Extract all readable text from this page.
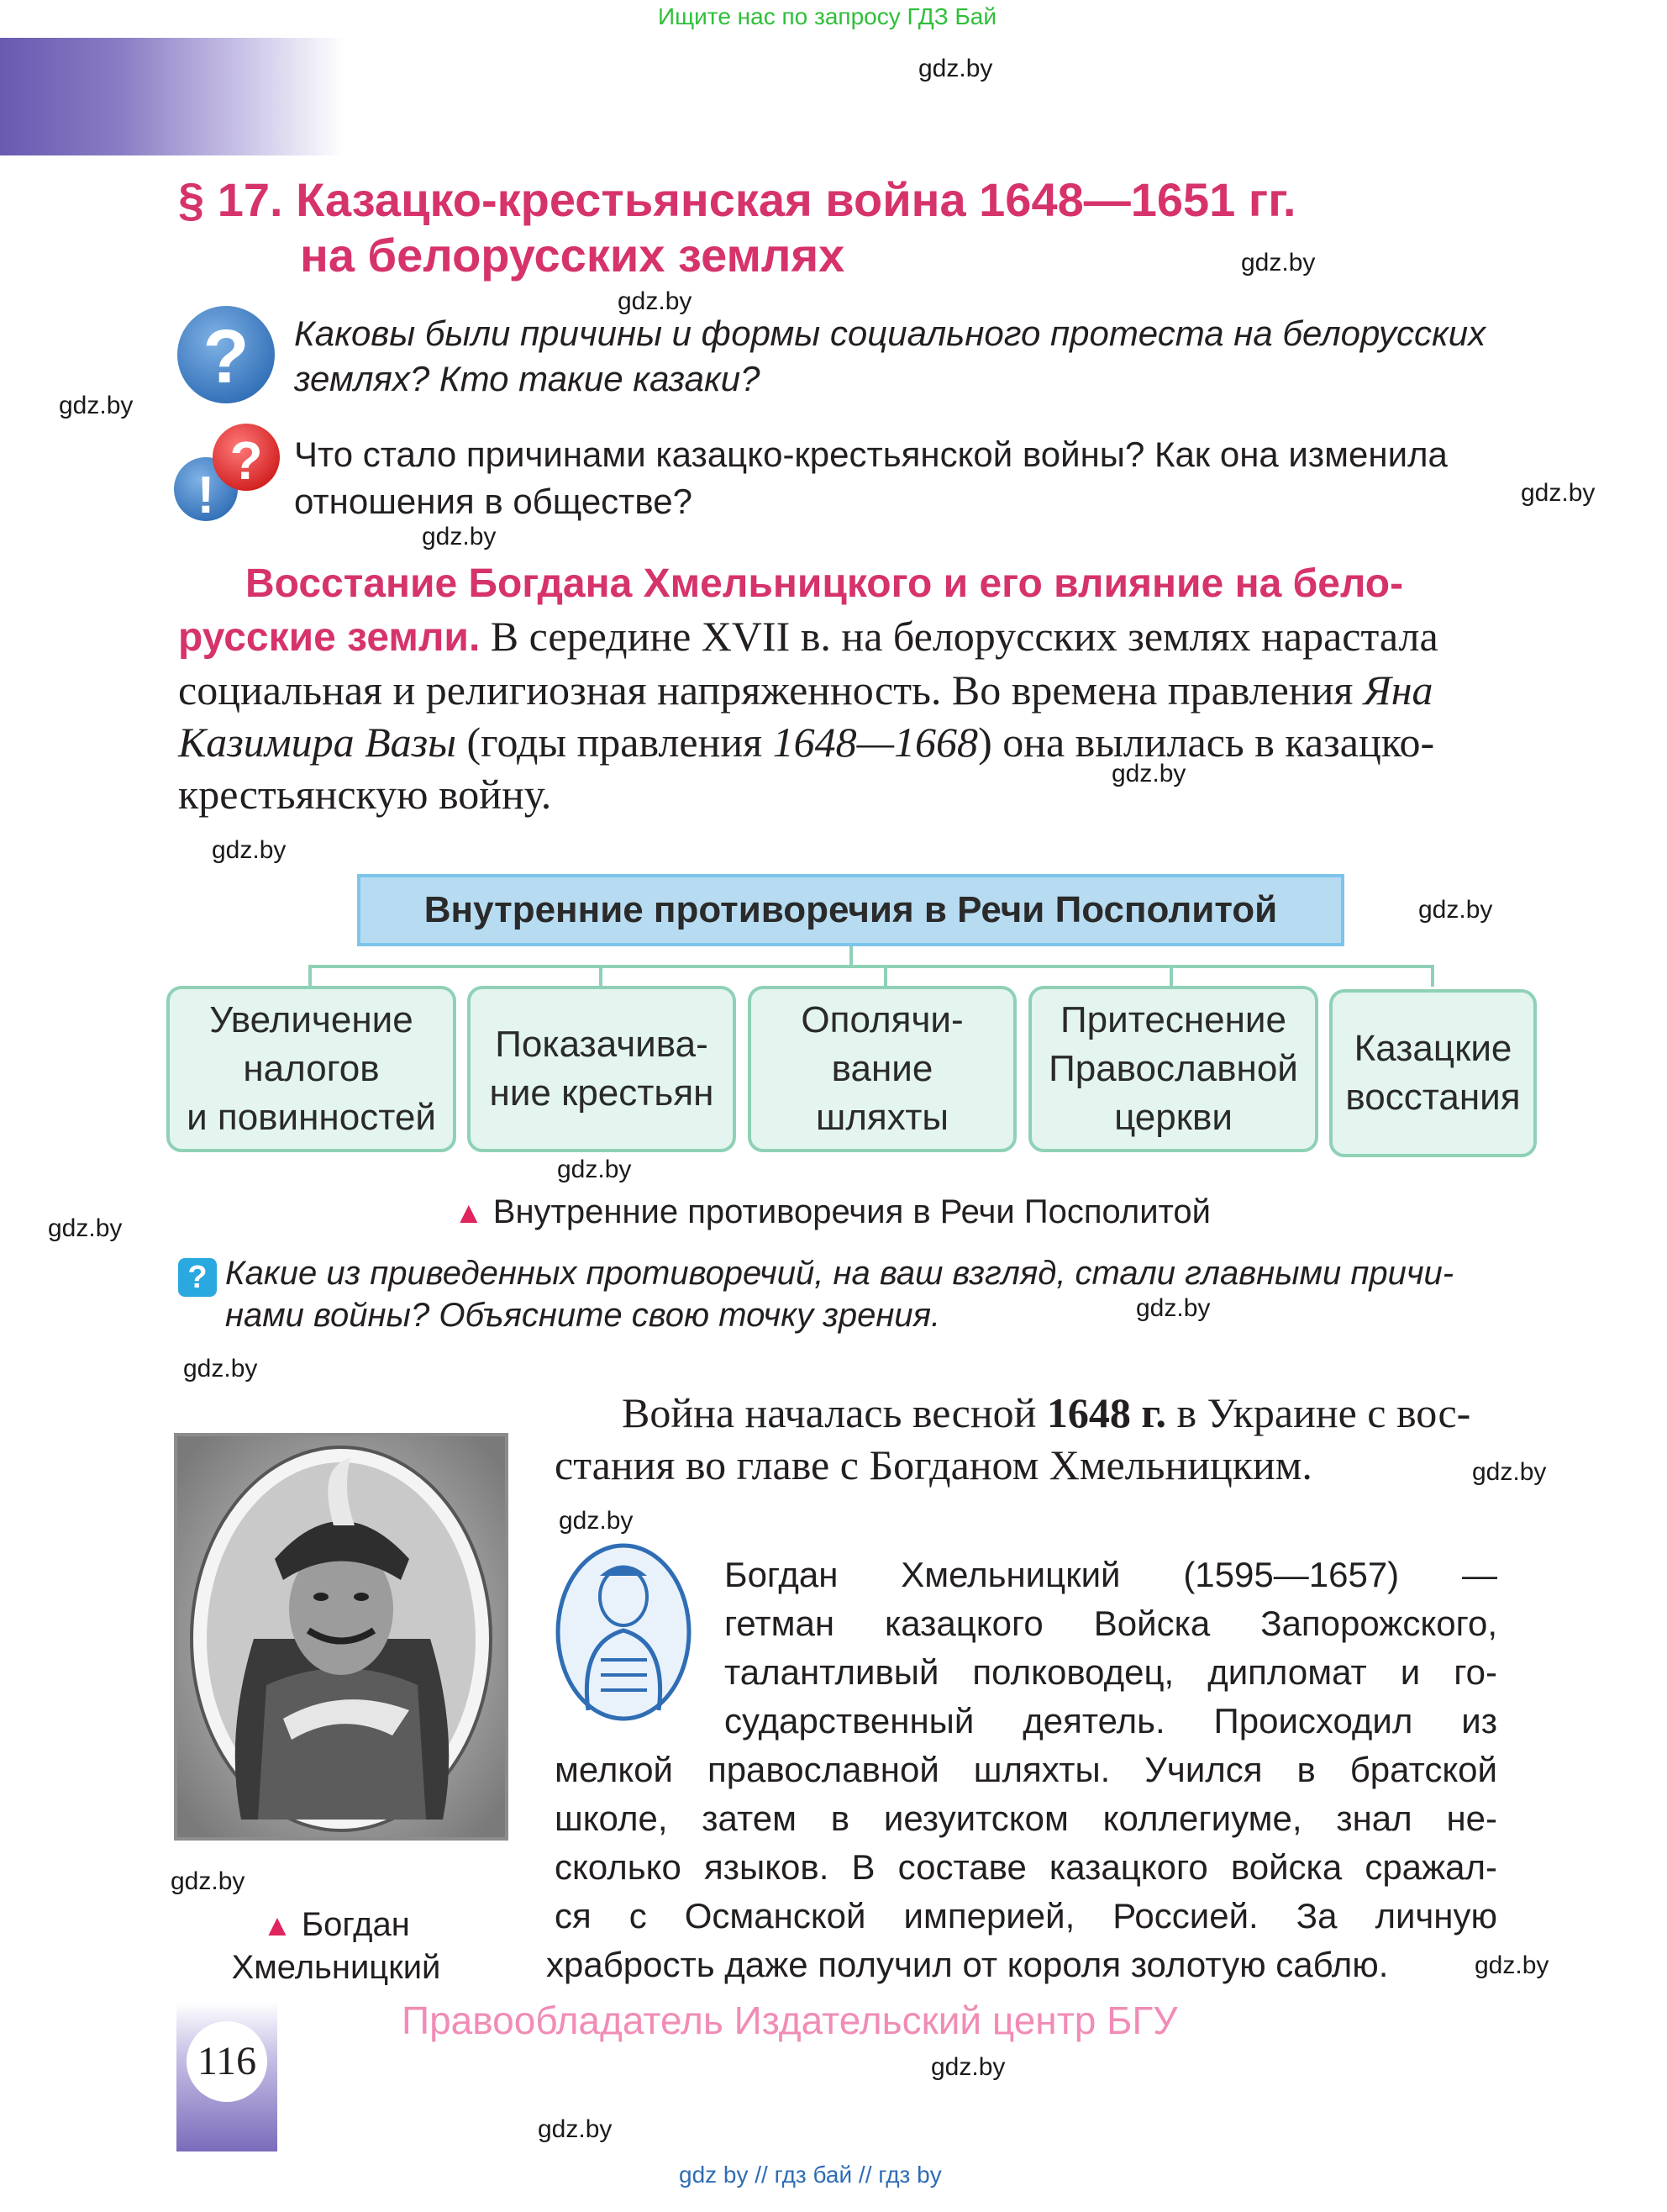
Ищите нас по запросу ГДЗ Бай
gdz.by
§ 17. Казацко-крестьянская война 1648—1651 гг.
на белорусских землях	gdz.by
gdz.by
? Каковы были причины и формы социального протеста на белорусских
землях? Кто такие казаки?
gdz.by
!
? Что стало причинами казацко-крестьянской войны? Как она изменила
отношения в обществе?	gdz.by
gdz.by
Восстание Богдана Хмельницкого и его влияние на бело-
русские земли. В середине XVII в. на белорусских землях нарастала
социальная и религиозная напряженность. Во времена правления Яна
Казимира Вазы (годы правления 1648—1668) она вылилась в казацко-
крестьянскую войну.	gdz.by
gdz.by
Внутренние противоречия в Речи Посполитой	gdz.by
Увеличение
налогов
и повинностей
Показачива-
ние крестьян
Ополячи-
вание
шляхты
Притеснение
Православной
церкви
Казацкие
восстания
gdz.by
▲ Внутренние противоречия в Речи Посполитой
gdz.by
? Какие из приведенных противоречий, на ваш взгляд, стали главными причи-
нами войны? Объясните свою точку зрения.	gdz.by
gdz.by
gdz.by
▲ Богдан
Хмельницкий
Война началась весной 1648 г. в Украине с вос-
стания во главе с Богданом Хмельницким.	gdz.by
gdz.by
Богдан Хмельницкий (1595—1657) —
гетман казацкого Войска Запорожского,
талантливый полководец, дипломат и го-
сударственный деятель. Происходил из
мелкой православной шляхты. Учился в братской
школе, затем в иезуитском коллегиуме, знал не-
сколько языков. В составе казацкого войска сражал-
ся с Османской империей, Россией. За личную
храбрость даже получил от короля золотую саблю.	gdz.by
116
Правообладатель Издательский центр БГУ
gdz.by
gdz.by
gdz by // гдз бай // гдз by
